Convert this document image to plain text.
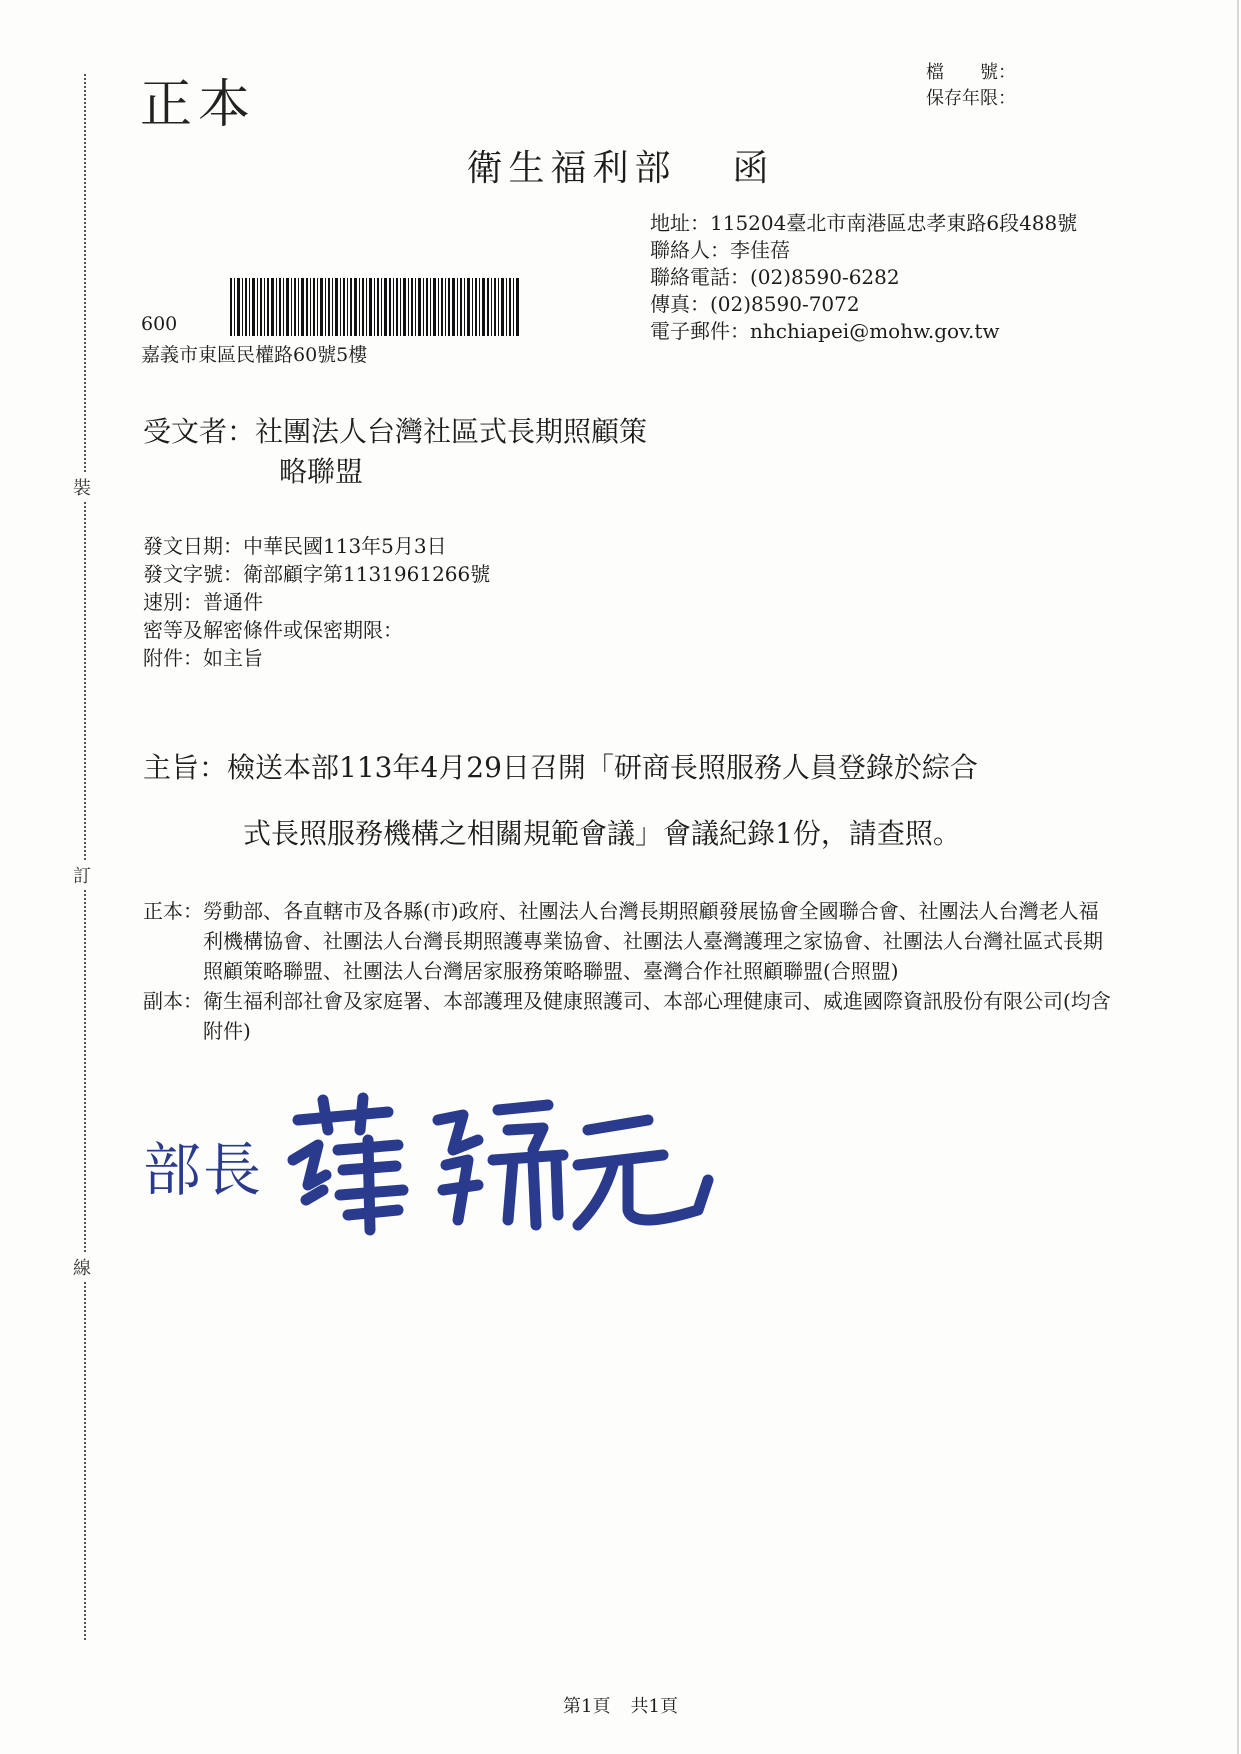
裝
訂
線
正本
檔　　號：
保存年限：
衛生福利部 函
地址：115204臺北市南港區忠孝東路6段488號
聯絡人：李佳蓓
聯絡電話：(02)8590-6282
傳真：(02)8590-7072
電子郵件：nhchiapei@mohw.gov.tw
600
嘉義市東區民權路60號5樓
受文者：社團法人台灣社區式長期照顧策
略聯盟
發文日期：中華民國113年5月3日
發文字號：衛部顧字第1131961266號
速別：普通件
密等及解密條件或保密期限：
附件：如主旨
主旨：檢送本部113年4月29日召開「研商長照服務人員登錄於綜合
式長照服務機構之相關規範會議」會議紀錄1份，請查照。
正本： 勞動部、各直轄市及各縣(市)政府、社團法人台灣長期照顧發展協會全國聯合會、社團法人台灣老人福利機構協會、社團法人台灣長期照護專業協會、社團法人臺灣護理之家協會、社團法人台灣社區式長期照顧策略聯盟、社團法人台灣居家服務策略聯盟、臺灣合作社照顧聯盟(合照盟)
副本： 衛生福利部社會及家庭署、本部護理及健康照護司、本部心理健康司、威進國際資訊股份有限公司(均含附件)
部長
第1頁 共1頁
